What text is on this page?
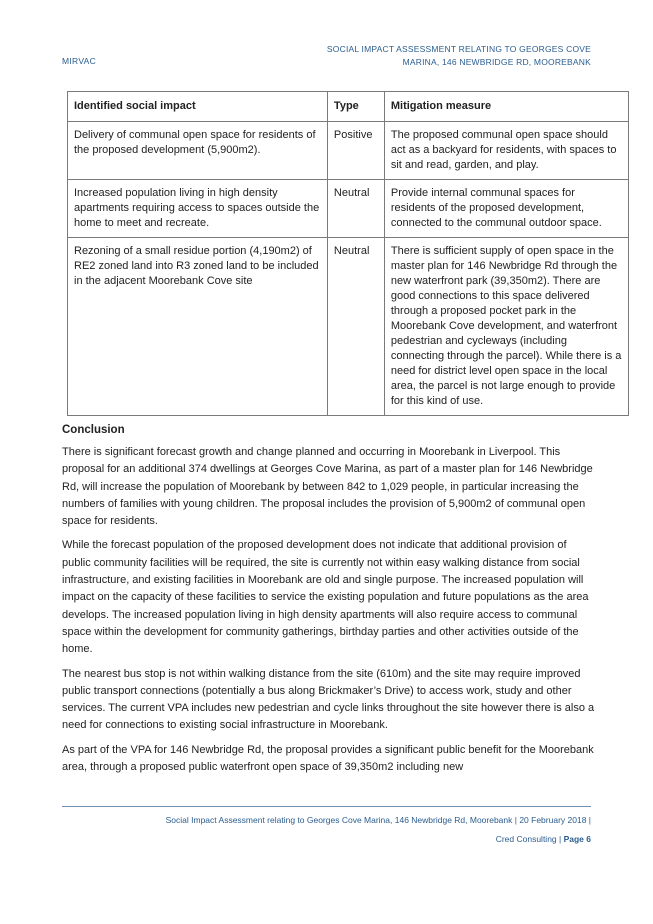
MIRVAC
SOCIAL IMPACT ASSESSMENT RELATING TO GEORGES COVE
MARINA, 146 NEWBRIDGE RD, MOOREBANK
Identified social impact	Type	Mitigation measure
Delivery of communal open space for residents of the proposed development (5,900m2).	Positive	The proposed communal open space should act as a backyard for residents, with spaces to sit and read, garden, and play.
Increased population living in high density apartments requiring access to spaces outside the home to meet and recreate.	Neutral	Provide internal communal spaces for residents of the proposed development, connected to the communal outdoor space.
Rezoning of a small residue portion (4,190m2) of RE2 zoned land into R3 zoned land to be included in the adjacent Moorebank Cove site	Neutral	There is sufficient supply of open space in the master plan for 146 Newbridge Rd through the new waterfront park (39,350m2). There are good connections to this space delivered through a proposed pocket park in the Moorebank Cove development, and waterfront pedestrian and cycleways (including connecting through the parcel). While there is a need for district level open space in the local area, the parcel is not large enough to provide for this kind of use.
Conclusion

There is significant forecast growth and change planned and occurring in Moorebank in Liverpool. This proposal for an additional 374 dwellings at Georges Cove Marina, as part of a master plan for 146 Newbridge Rd, will increase the population of Moorebank by between 842 to 1,029 people, in particular increasing the numbers of families with young children. The proposal includes the provision of 5,900m2 of communal open space for residents.

While the forecast population of the proposed development does not indicate that additional provision of public community facilities will be required, the site is currently not within easy walking distance from social infrastructure, and existing facilities in Moorebank are old and single purpose. The increased population will impact on the capacity of these facilities to service the existing population and future populations as the area develops. The increased population living in high density apartments will also require access to communal space within the development for community gatherings, birthday parties and other activities outside of the home.

The nearest bus stop is not within walking distance from the site (610m) and the site may require improved public transport connections (potentially a bus along Brickmaker’s Drive) to access work, study and other services. The current VPA includes new pedestrian and cycle links throughout the site however there is also a need for connections to existing social infrastructure in Moorebank.

As part of the VPA for 146 Newbridge Rd, the proposal provides a significant public benefit for the Moorebank area, through a proposed public waterfront open space of 39,350m2 including new

Social Impact Assessment relating to Georges Cove Marina, 146 Newbridge Rd, Moorebank | 20 February 2018 |
Cred Consulting | Page 6
